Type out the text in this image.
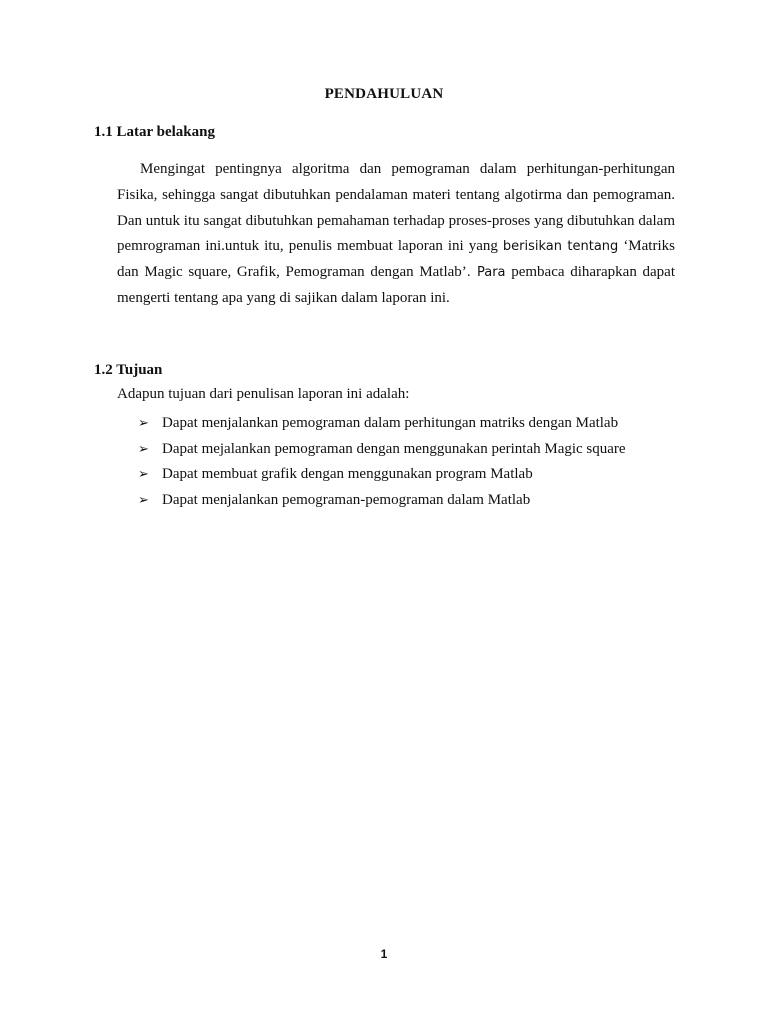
PENDAHULUAN
1.1 Latar belakang

Mengingat pentingnya algoritma dan pemograman dalam perhitungan-perhitungan Fisika, sehingga sangat dibutuhkan pendalaman materi tentang algotirma dan pemograman. Dan untuk itu sangat dibutuhkan pemahaman terhadap proses-proses yang dibutuhkan dalam pemrograman ini.untuk itu, penulis membuat laporan ini yang berisikan tentang ‘Matriks dan Magic square, Grafik, Pemograman dengan Matlab’. Para pembaca diharapkan dapat mengerti tentang apa yang di sajikan dalam laporan ini.

1.2 Tujuan
Adapun tujuan dari penulisan laporan ini adalah:
➢ Dapat menjalankan pemograman dalam perhitungan matriks dengan Matlab
➢ Dapat mejalankan pemograman dengan menggunakan perintah Magic square
➢ Dapat membuat grafik dengan menggunakan program Matlab
➢ Dapat menjalankan pemograman-pemograman dalam Matlab
1
